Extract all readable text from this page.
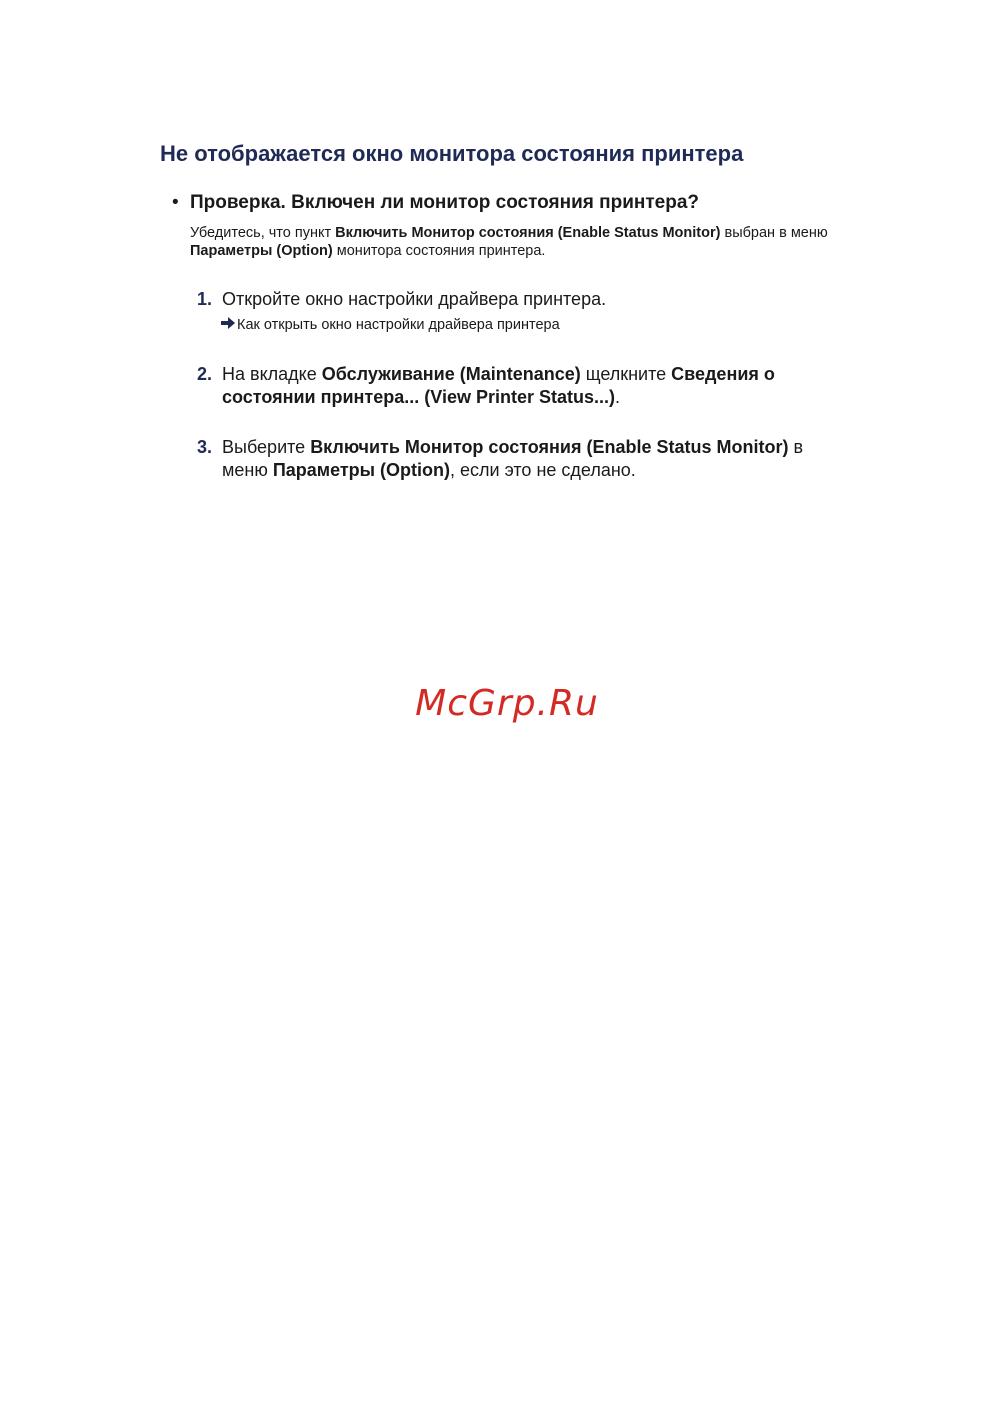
Не отображается окно монитора состояния принтера
• Проверка. Включен ли монитор состояния принтера?
Убедитесь, что пункт Включить Монитор состояния (Enable Status Monitor) выбран в меню Параметры (Option) монитора состояния принтера.
1. Откройте окно настройки драйвера принтера.
Как открыть окно настройки драйвера принтера
2. На вкладке Обслуживание (Maintenance) щелкните Сведения о состоянии принтера... (View Printer Status...).
3. Выберите Включить Монитор состояния (Enable Status Monitor) в меню Параметры (Option), если это не сделано.
McGrp.Ru
